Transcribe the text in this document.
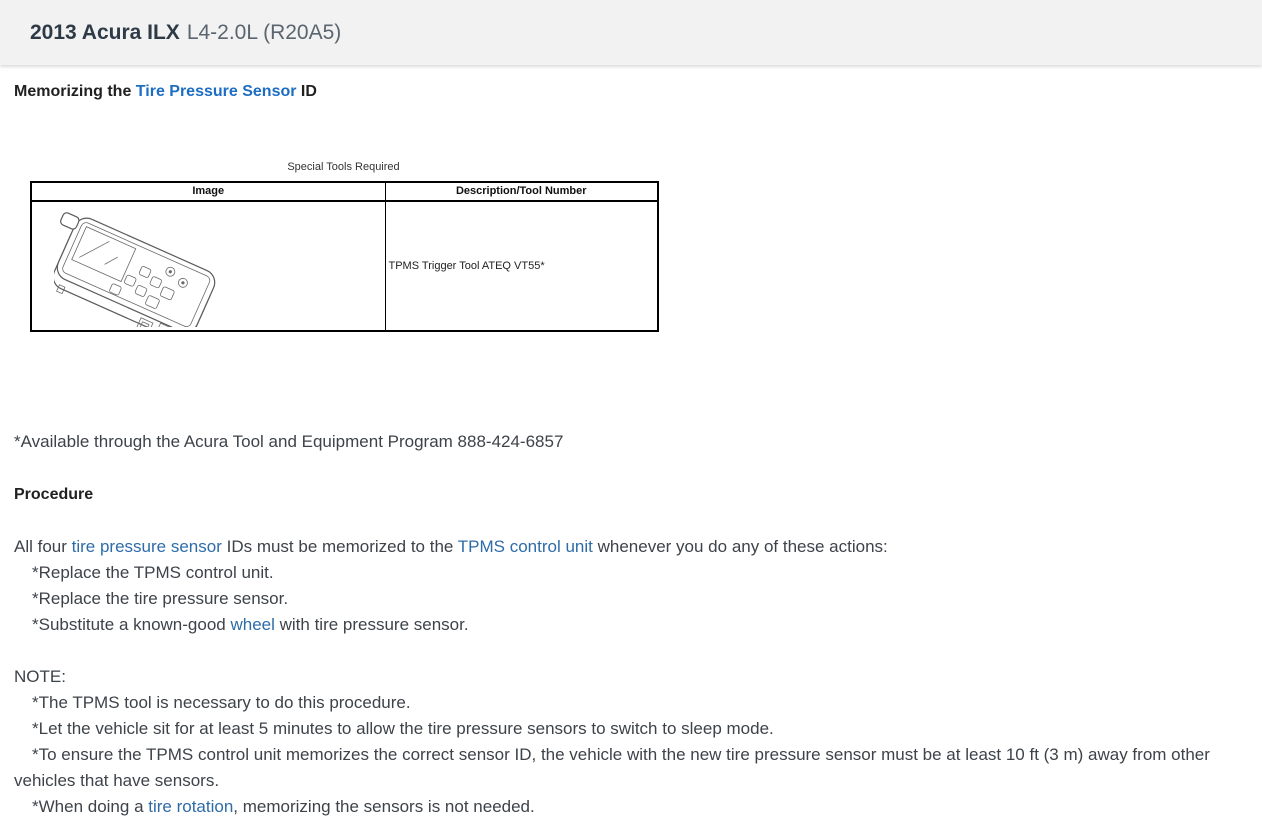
2013 Acura ILX L4-2.0L (R20A5)
Memorizing the Tire Pressure Sensor ID
Special Tools Required
Image	Description/Tool Number
	TPMS Trigger Tool ATEQ VT55*
*Available through the Acura Tool and Equipment Program 888-424-6857
Procedure
All four tire pressure sensor IDs must be memorized to the TPMS control unit whenever you do any of these actions:
*Replace the TPMS control unit.
*Replace the tire pressure sensor.
*Substitute a known-good wheel with tire pressure sensor.
NOTE:
*The TPMS tool is necessary to do this procedure.
*Let the vehicle sit for at least 5 minutes to allow the tire pressure sensors to switch to sleep mode.
*To ensure the TPMS control unit memorizes the correct sensor ID, the vehicle with the new tire pressure sensor must be at least 10 ft (3 m) away from other vehicles that have sensors.
*When doing a tire rotation, memorizing the sensors is not needed.
